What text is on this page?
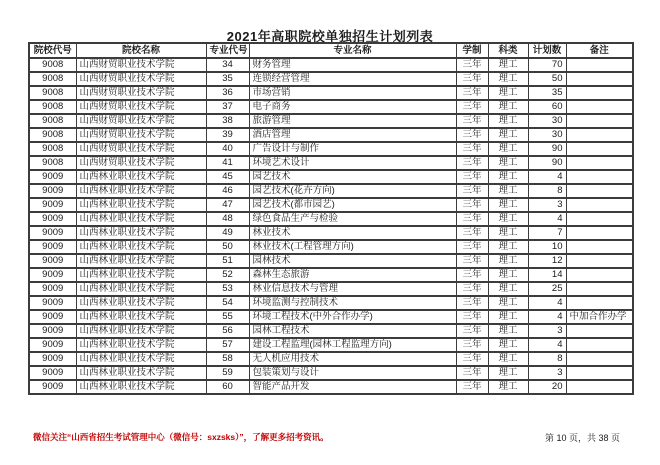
2021年高职院校单独招生计划列表
院校代号	院校名称	专业代号	专业名称	学制	科类	计划数	备注
9008	山西财贸职业技术学院	34	财务管理	三年	理工	70	
9008	山西财贸职业技术学院	35	连锁经营管理	三年	理工	50	
9008	山西财贸职业技术学院	36	市场营销	三年	理工	35	
9008	山西财贸职业技术学院	37	电子商务	三年	理工	60	
9008	山西财贸职业技术学院	38	旅游管理	三年	理工	30	
9008	山西财贸职业技术学院	39	酒店管理	三年	理工	30	
9008	山西财贸职业技术学院	40	广告设计与制作	三年	理工	90	
9008	山西财贸职业技术学院	41	环境艺术设计	三年	理工	90	
9009	山西林业职业技术学院	45	园艺技术	三年	理工	4	
9009	山西林业职业技术学院	46	园艺技术(花卉方向)	三年	理工	8	
9009	山西林业职业技术学院	47	园艺技术(都市园艺)	三年	理工	3	
9009	山西林业职业技术学院	48	绿色食品生产与检验	三年	理工	4	
9009	山西林业职业技术学院	49	林业技术	三年	理工	7	
9009	山西林业职业技术学院	50	林业技术(工程管理方向)	三年	理工	10	
9009	山西林业职业技术学院	51	园林技术	三年	理工	12	
9009	山西林业职业技术学院	52	森林生态旅游	三年	理工	14	
9009	山西林业职业技术学院	53	林业信息技术与管理	三年	理工	25	
9009	山西林业职业技术学院	54	环境监测与控制技术	三年	理工	4	
9009	山西林业职业技术学院	55	环境工程技术(中外合作办学)	三年	理工	4	中加合作办学
9009	山西林业职业技术学院	56	园林工程技术	三年	理工	3	
9009	山西林业职业技术学院	57	建设工程监理(园林工程监理方向)	三年	理工	4	
9009	山西林业职业技术学院	58	无人机应用技术	三年	理工	8	
9009	山西林业职业技术学院	59	包装策划与设计	三年	理工	3	
9009	山西林业职业技术学院	60	智能产品开发	三年	理工	20	
微信关注“山西省招生考试管理中心（微信号：sxzsks）”，了解更多招考资讯。	第 10 页，共 38 页
